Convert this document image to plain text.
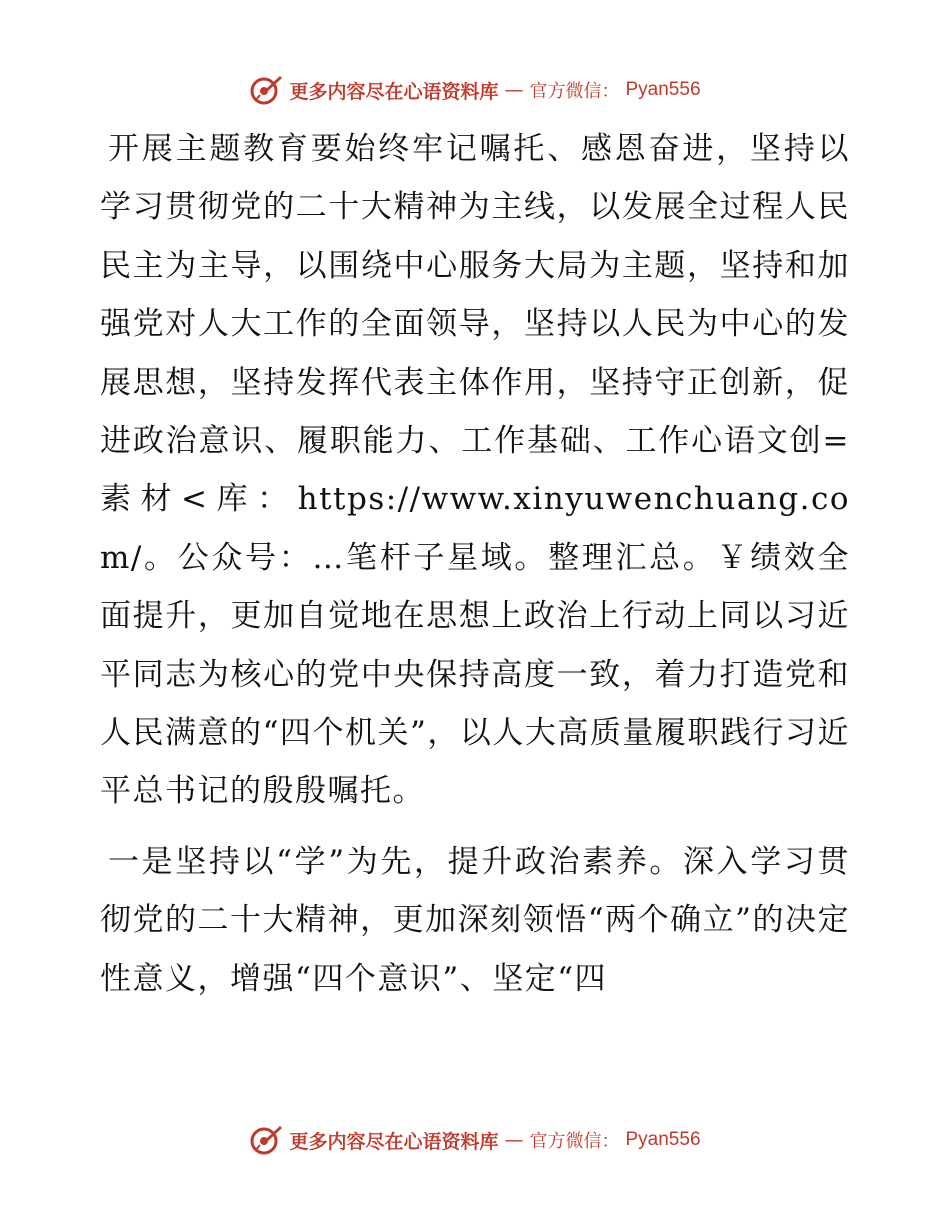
更多内容尽在心语资料库 — 官方微信： Pyan556

开展主题教育要始终牢记嘱托、感恩奋进，坚持以学习贯彻党的二十大精神为主线，以发展全过程人民民主为主导，以围绕中心服务大局为主题，坚持和加强党对人大工作的全面领导，坚持以人民为中心的发展思想，坚持发挥代表主体作用，坚持守正创新，促进政治意识、履职能力、工作基础、工作心语文创=素材<库：https://www.xinyuwenchuang.com/。公众号：…笔杆子星域。整理汇总。￥绩效全面提升，更加自觉地在思想上政治上行动上同以习近平同志为核心的党中央保持高度一致，着力打造党和人民满意的“四个机关”，以人大高质量履职践行习近平总书记的殷殷嘱托。

一是坚持以“学”为先，提升政治素养。深入学习贯彻党的二十大精神，更加深刻领悟“两个确立”的决定性意义，增强“四个意识”、坚定“四

更多内容尽在心语资料库 — 官方微信： Pyan556
